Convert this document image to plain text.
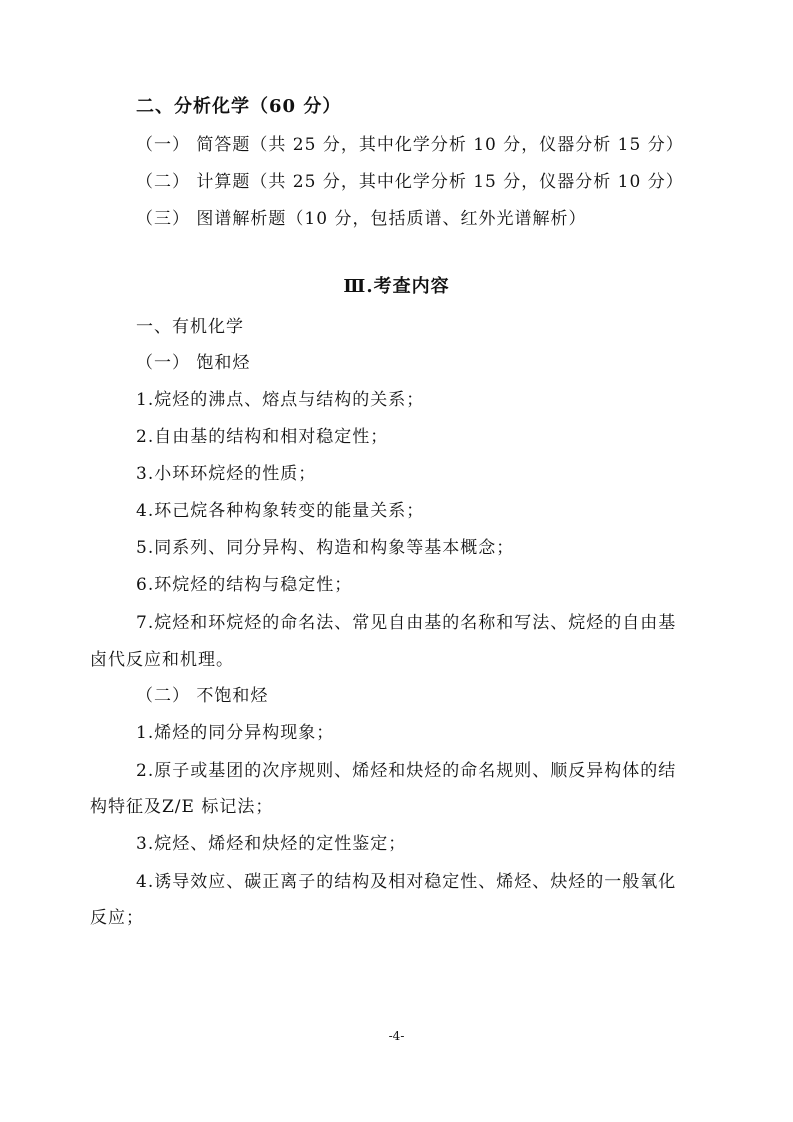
二、分析化学（60 分）
（一） 简答题（共 25 分，其中化学分析 10 分，仪器分析 15 分）
（二） 计算题（共 25 分，其中化学分析 15 分，仪器分析 10 分）
（三） 图谱解析题（10 分，包括质谱、红外光谱解析）
Ⅲ.考查内容
一、有机化学
（一） 饱和烃
1.烷烃的沸点、熔点与结构的关系；
2.自由基的结构和相对稳定性；
3.小环环烷烃的性质；
4.环己烷各种构象转变的能量关系；
5.同系列、同分异构、构造和构象等基本概念；
6.环烷烃的结构与稳定性；
7.烷烃和环烷烃的命名法、常见自由基的名称和写法、烷烃的自由基
卤代反应和机理。
（二） 不饱和烃
1.烯烃的同分异构现象；
2.原子或基团的次序规则、烯烃和炔烃的命名规则、顺反异构体的结
构特征及Z/E 标记法；
3.烷烃、烯烃和炔烃的定性鉴定；
4.诱导效应、碳正离子的结构及相对稳定性、烯烃、炔烃的一般氧化
反应；
-4-
